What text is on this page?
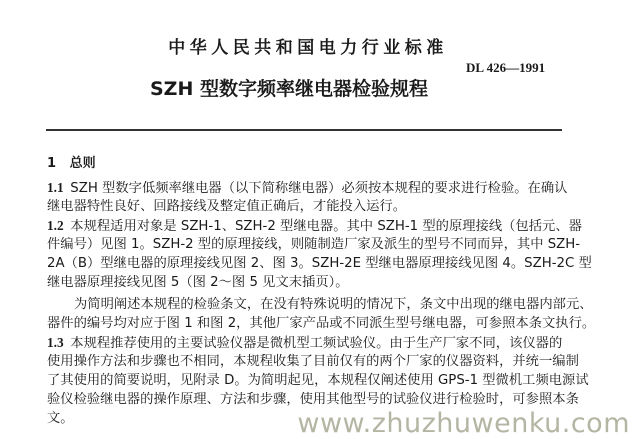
中华人民共和国电力行业标准
SZH 型数字频率继电器检验规程
DL 426—1991
1 总则
1.1  SZH 型数字低频率继电器（以下简称继电器）必须按本规程的要求进行检验。在确认
继电器特性良好、回路接线及整定值正确后，才能投入运行。
1.2  本规程适用对象是 SZH-1、SZH-2 型继电器。其中 SZH-1 型的原理接线（包括元、器
件编号）见图 1。SZH-2 型的原理接线，则随制造厂家及派生的型号不同而异，其中 SZH-
2A（B）型继电器的原理接线见图 2、图 3。SZH-2E 型继电器原理接线见图 4。SZH-2C 型
继电器原理接线见图 5（图 2～图 5 见文末插页）。
为简明阐述本规程的检验条文，在没有特殊说明的情况下，条文中出现的继电器内部元、
器件的编号均对应于图 1 和图 2，其他厂家产品或不同派生型号继电器，可参照本条文执行。
1.3  本规程推荐使用的主要试验仪器是微机型工频试验仪。由于生产厂家不同，该仪器的
使用操作方法和步骤也不相同，本规程收集了目前仅有的两个厂家的仪器资料，并统一编制
了其使用的简要说明，见附录 D。为简明起见，本规程仅阐述使用 GPS-1 型微机工频电源试
验仪检验继电器的操作原理、方法和步骤，使用其他型号的试验仪进行检验时，可参照本条
文。	www.zhuzhuwenku.com
